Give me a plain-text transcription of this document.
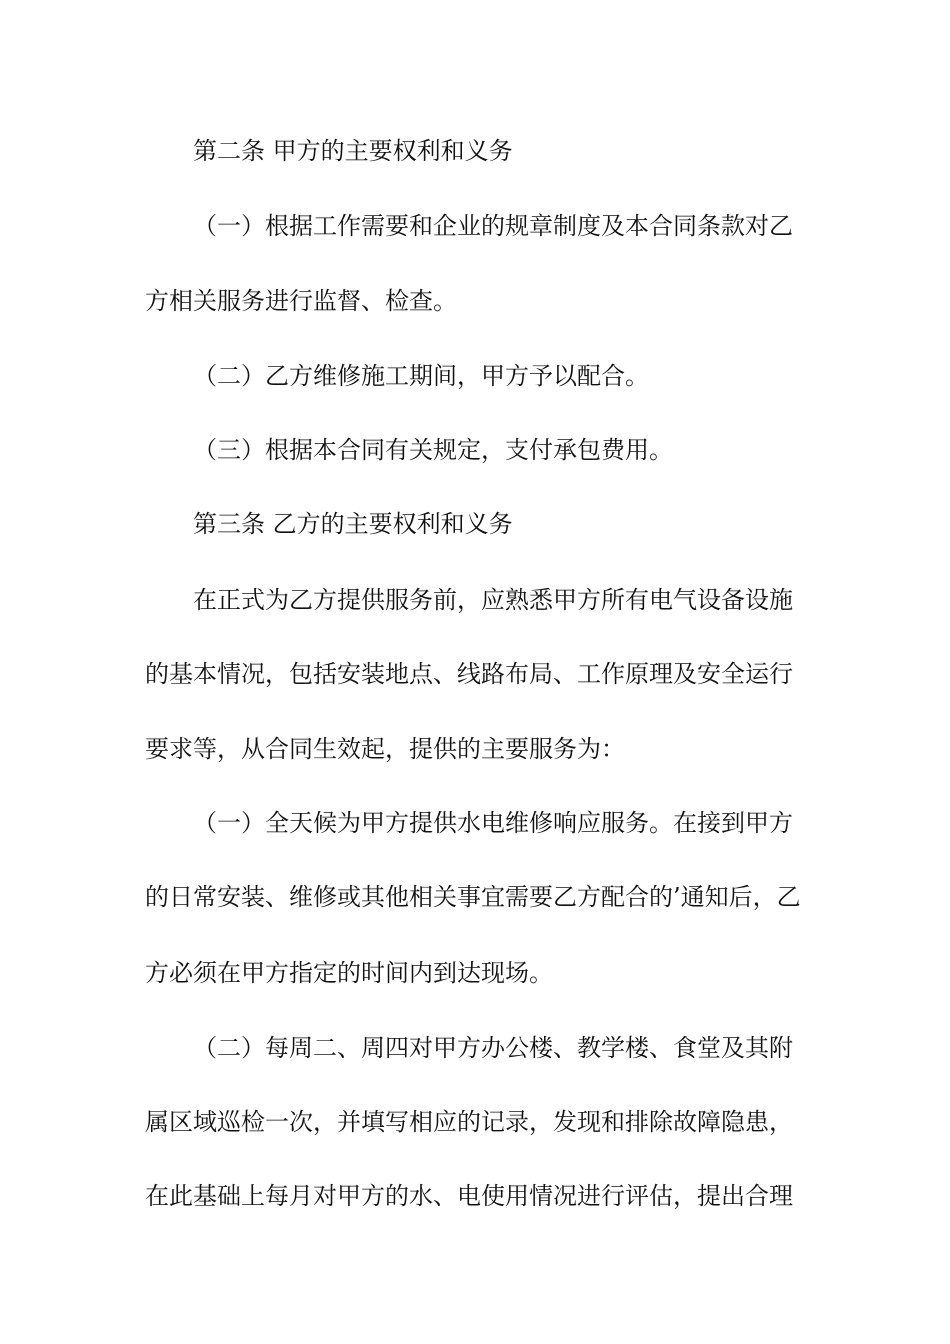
第二条 甲方的主要权利和义务
（一）根据工作需要和企业的规章制度及本合同条款对乙
方相关服务进行监督、检查。
（二）乙方维修施工期间，甲方予以配合。
（三）根据本合同有关规定，支付承包费用。
第三条 乙方的主要权利和义务
在正式为乙方提供服务前，应熟悉甲方所有电气设备设施
的基本情况，包括安装地点、线路布局、工作原理及安全运行
要求等，从合同生效起，提供的主要服务为：
（一）全天候为甲方提供水电维修响应服务。在接到甲方
的日常安装、维修或其他相关事宜需要乙方配合的’通知后，乙
方必须在甲方指定的时间内到达现场。
（二）每周二、周四对甲方办公楼、教学楼、食堂及其附
属区域巡检一次，并填写相应的记录，发现和排除故障隐患，
在此基础上每月对甲方的水、电使用情况进行评估，提出合理
